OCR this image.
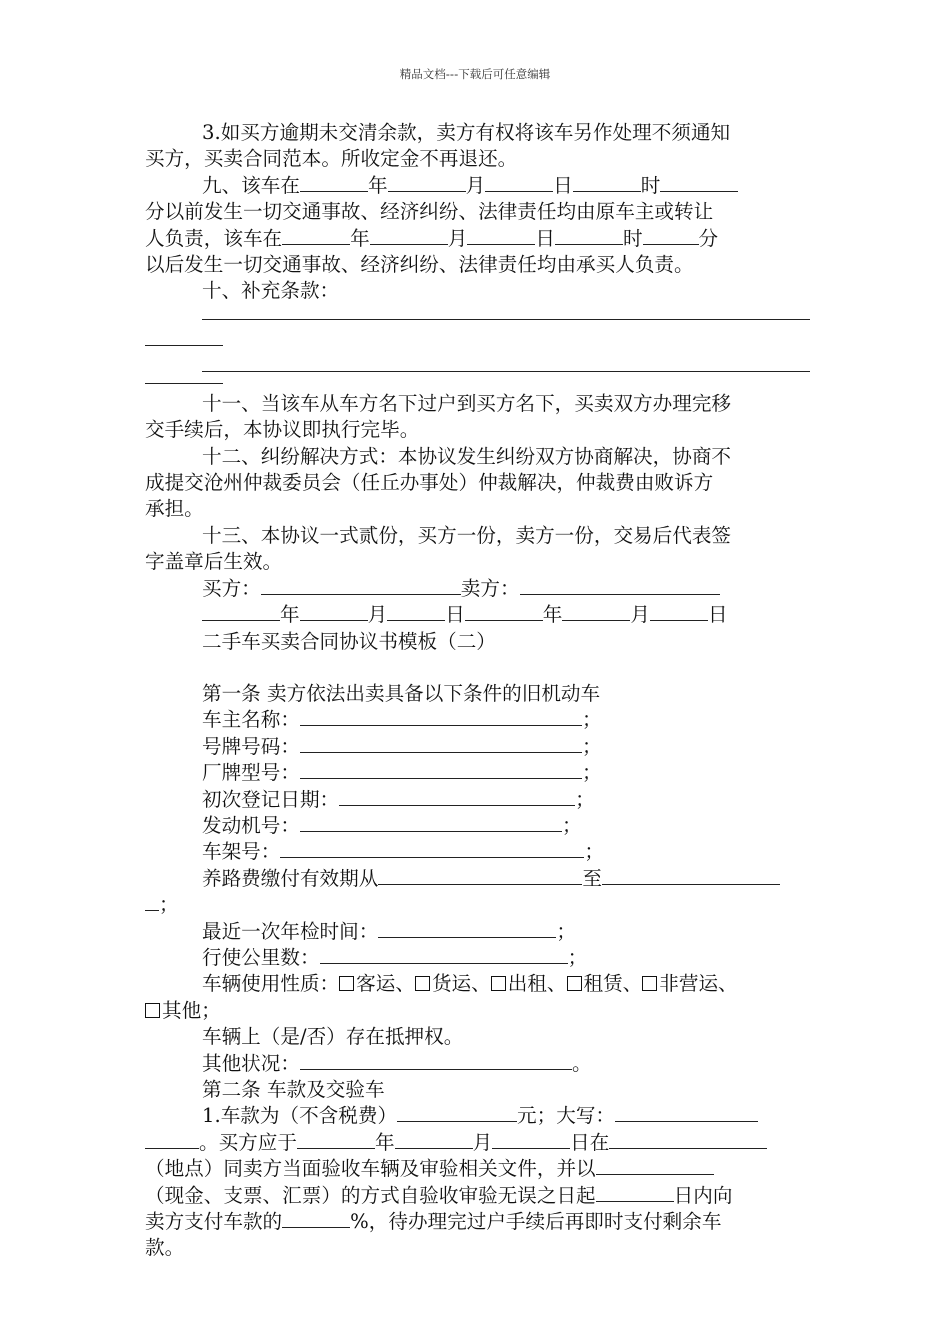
精品文档---下载后可任意编辑

3.如买方逾期未交清余款，卖方有权将该车另作处理不须通知

买方，买卖合同范本。所收定金不再退还。

九、该车在	年	月	日	时

分以前发生一切交通事故、经济纠纷、法律责任均由原车主或转让

人负责，该车在	年	月	日	时	分

以后发生一切交通事故、经济纠纷、法律责任均由承买人负责。

十、补充条款：

十一、当该车从车方名下过户到买方名下，买卖双方办理完移

交手续后，本协议即执行完毕。

十二、纠纷解决方式：本协议发生纠纷双方协商解决，协商不

成提交沧州仲裁委员会（任丘办事处）仲裁解决，仲裁费由败诉方

承担。

十三、本协议一式贰份，买方一份，卖方一份，交易后代表签

字盖章后生效。

买方：	卖方：

年	月	日	年	月	日

二手车买卖合同协议书模板（二）

第一条 卖方依法出卖具备以下条件的旧机动车

车主名称：	；

号牌号码：	；

厂牌型号：	；

初次登记日期：	；

发动机号：	；

车架号：	；

养路费缴付有效期从	至

；

最近一次年检时间：	；

行使公里数：	；

车辆使用性质： 客运、 货运、 出租、 租赁、 非营运、

其他；

车辆上（是/否）存在抵押权。

其他状况：	。

第二条 车款及交验车

1.车款为（不含税费）	元；大写：

。买方应于	年	月	日在

（地点）同卖方当面验收车辆及审验相关文件，并以

（现金、支票、汇票）的方式自验收审验无误之日起	日内向

卖方支付车款的	%，待办理完过户手续后再即时支付剩余车

款。
